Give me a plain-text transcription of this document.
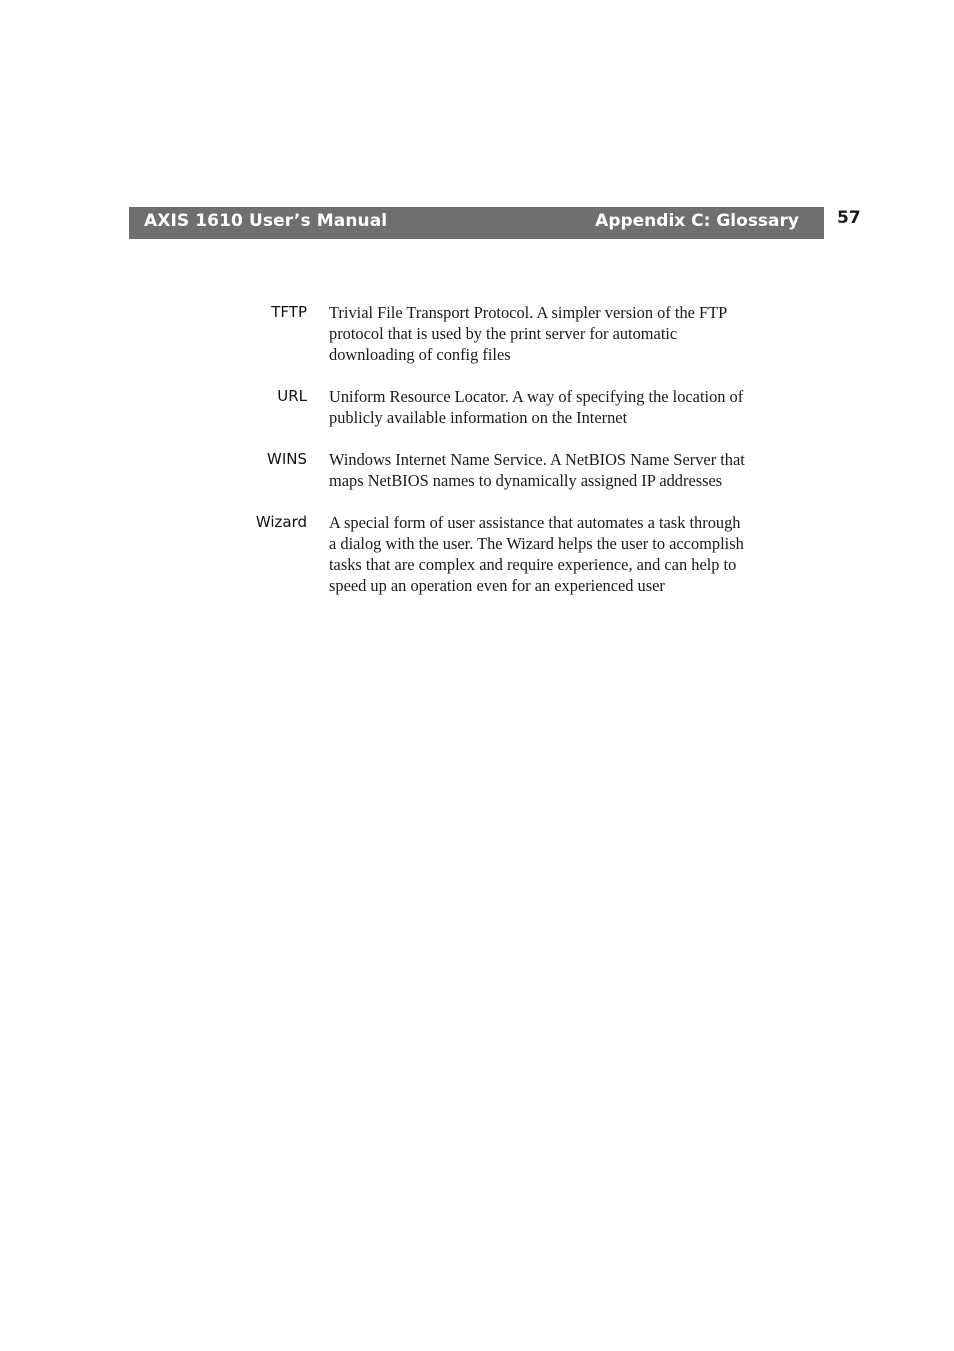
AXIS 1610 User’s Manual	Appendix C: Glossary 57
TFTP Trivial File Transport Protocol. A simpler version of the FTP
protocol that is used by the print server for automatic
downloading of config files
URL Uniform Resource Locator. A way of specifying the location of
publicly available information on the Internet
WINS Windows Internet Name Service. A NetBIOS Name Server that
maps NetBIOS names to dynamically assigned IP addresses
Wizard A special form of user assistance that automates a task through
a dialog with the user. The Wizard helps the user to accomplish
tasks that are complex and require experience, and can help to
speed up an operation even for an experienced user
